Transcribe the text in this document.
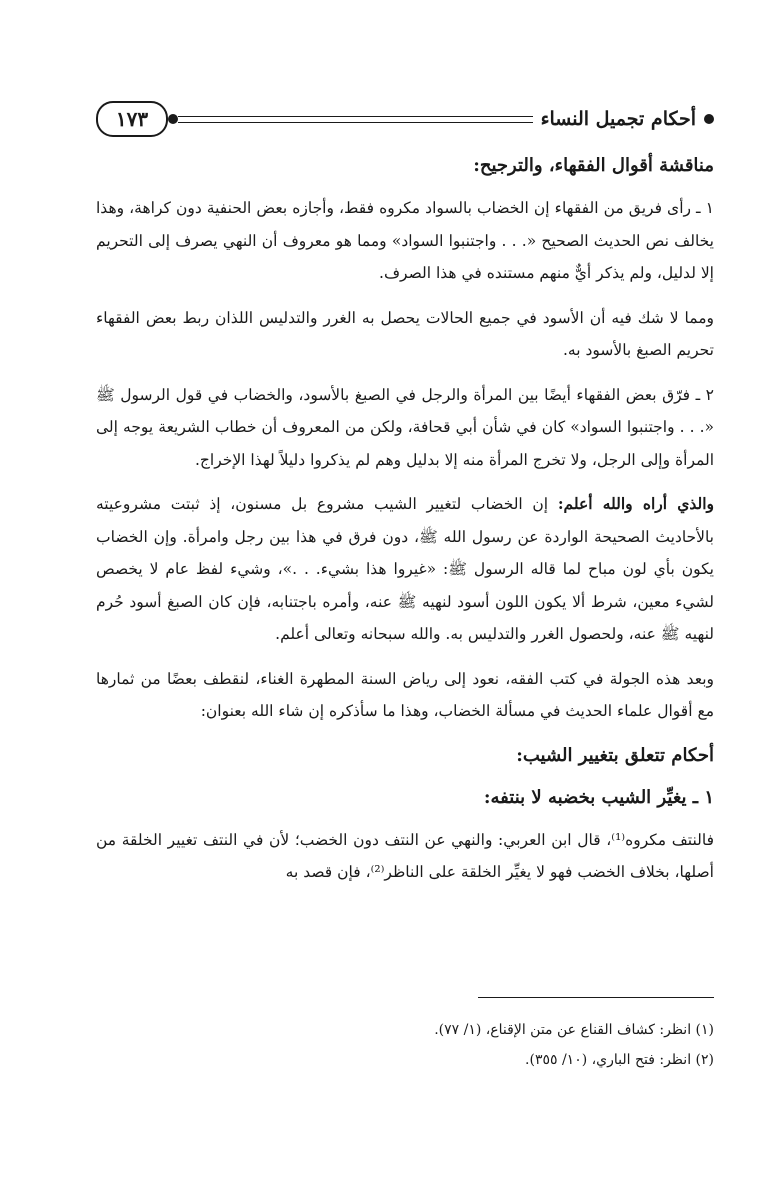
أحكام تجميل النساء
١٧٣

مناقشة أقوال الفقهاء، والترجيح:

١ ـ رأى فريق من الفقهاء إن الخضاب بالسواد مكروه فقط، وأجازه بعض الحنفية دون كراهة، وهذا يخالف نص الحديث الصحيح «. . . واجتنبوا السواد» ومما هو معروف أن النهي يصرف إلى التحريم إلا لدليل، ولم يذكر أيٌّ منهم مستنده في هذا الصرف.

ومما لا شك فيه أن الأسود في جميع الحالات يحصل به الغرر والتدليس اللذان ربط بعض الفقهاء تحريم الصبغ بالأسود به.

٢ ـ فرّق بعض الفقهاء أيضًا بين المرأة والرجل في الصبغ بالأسود، والخضاب في قول الرسول ﷺ «. . . واجتنبوا السواد» كان في شأن أبي قحافة، ولكن من المعروف أن خطاب الشريعة يوجه إلى المرأة وإلى الرجل، ولا تخرج المرأة منه إلا بدليل وهم لم يذكروا دليلاً لهذا الإخراج.

والذي أراه والله أعلم: إن الخضاب لتغيير الشيب مشروع بل مسنون، إذ ثبتت مشروعيته بالأحاديث الصحيحة الواردة عن رسول الله ﷺ، دون فرق في هذا بين رجل وامرأة. وإن الخضاب يكون بأي لون مباح لما قاله الرسول ﷺ: «غيروا هذا بشيء. . .»، وشيء لفظ عام لا يخصص لشيء معين، شرط ألا يكون اللون أسود لنهيه ﷺ عنه، وأمره باجتنابه، فإن كان الصبغ أسود حُرم لنهيه ﷺ عنه، ولحصول الغرر والتدليس به. والله سبحانه وتعالى أعلم.

وبعد هذه الجولة في كتب الفقه، نعود إلى رياض السنة المطهرة الغناء، لنقطف بعضًا من ثمارها مع أقوال علماء الحديث في مسألة الخضاب، وهذا ما سأذكره إن شاء الله بعنوان:

أحكام تتعلق بتغيير الشيب:

١ ـ يغيِّر الشيب بخضبه لا بنتفه:

فالنتف مكروه⁽¹⁾، قال ابن العربي: والنهي عن النتف دون الخضب؛ لأن في النتف تغيير الخلقة من أصلها، بخلاف الخضب فهو لا يغيِّر الخلقة على الناظر⁽²⁾، فإن قصد به

(١) انظر: كشاف القناع عن متن الإقناع، (١/ ٧٧).

(٢) انظر: فتح الباري، (١٠/ ٣٥٥).
